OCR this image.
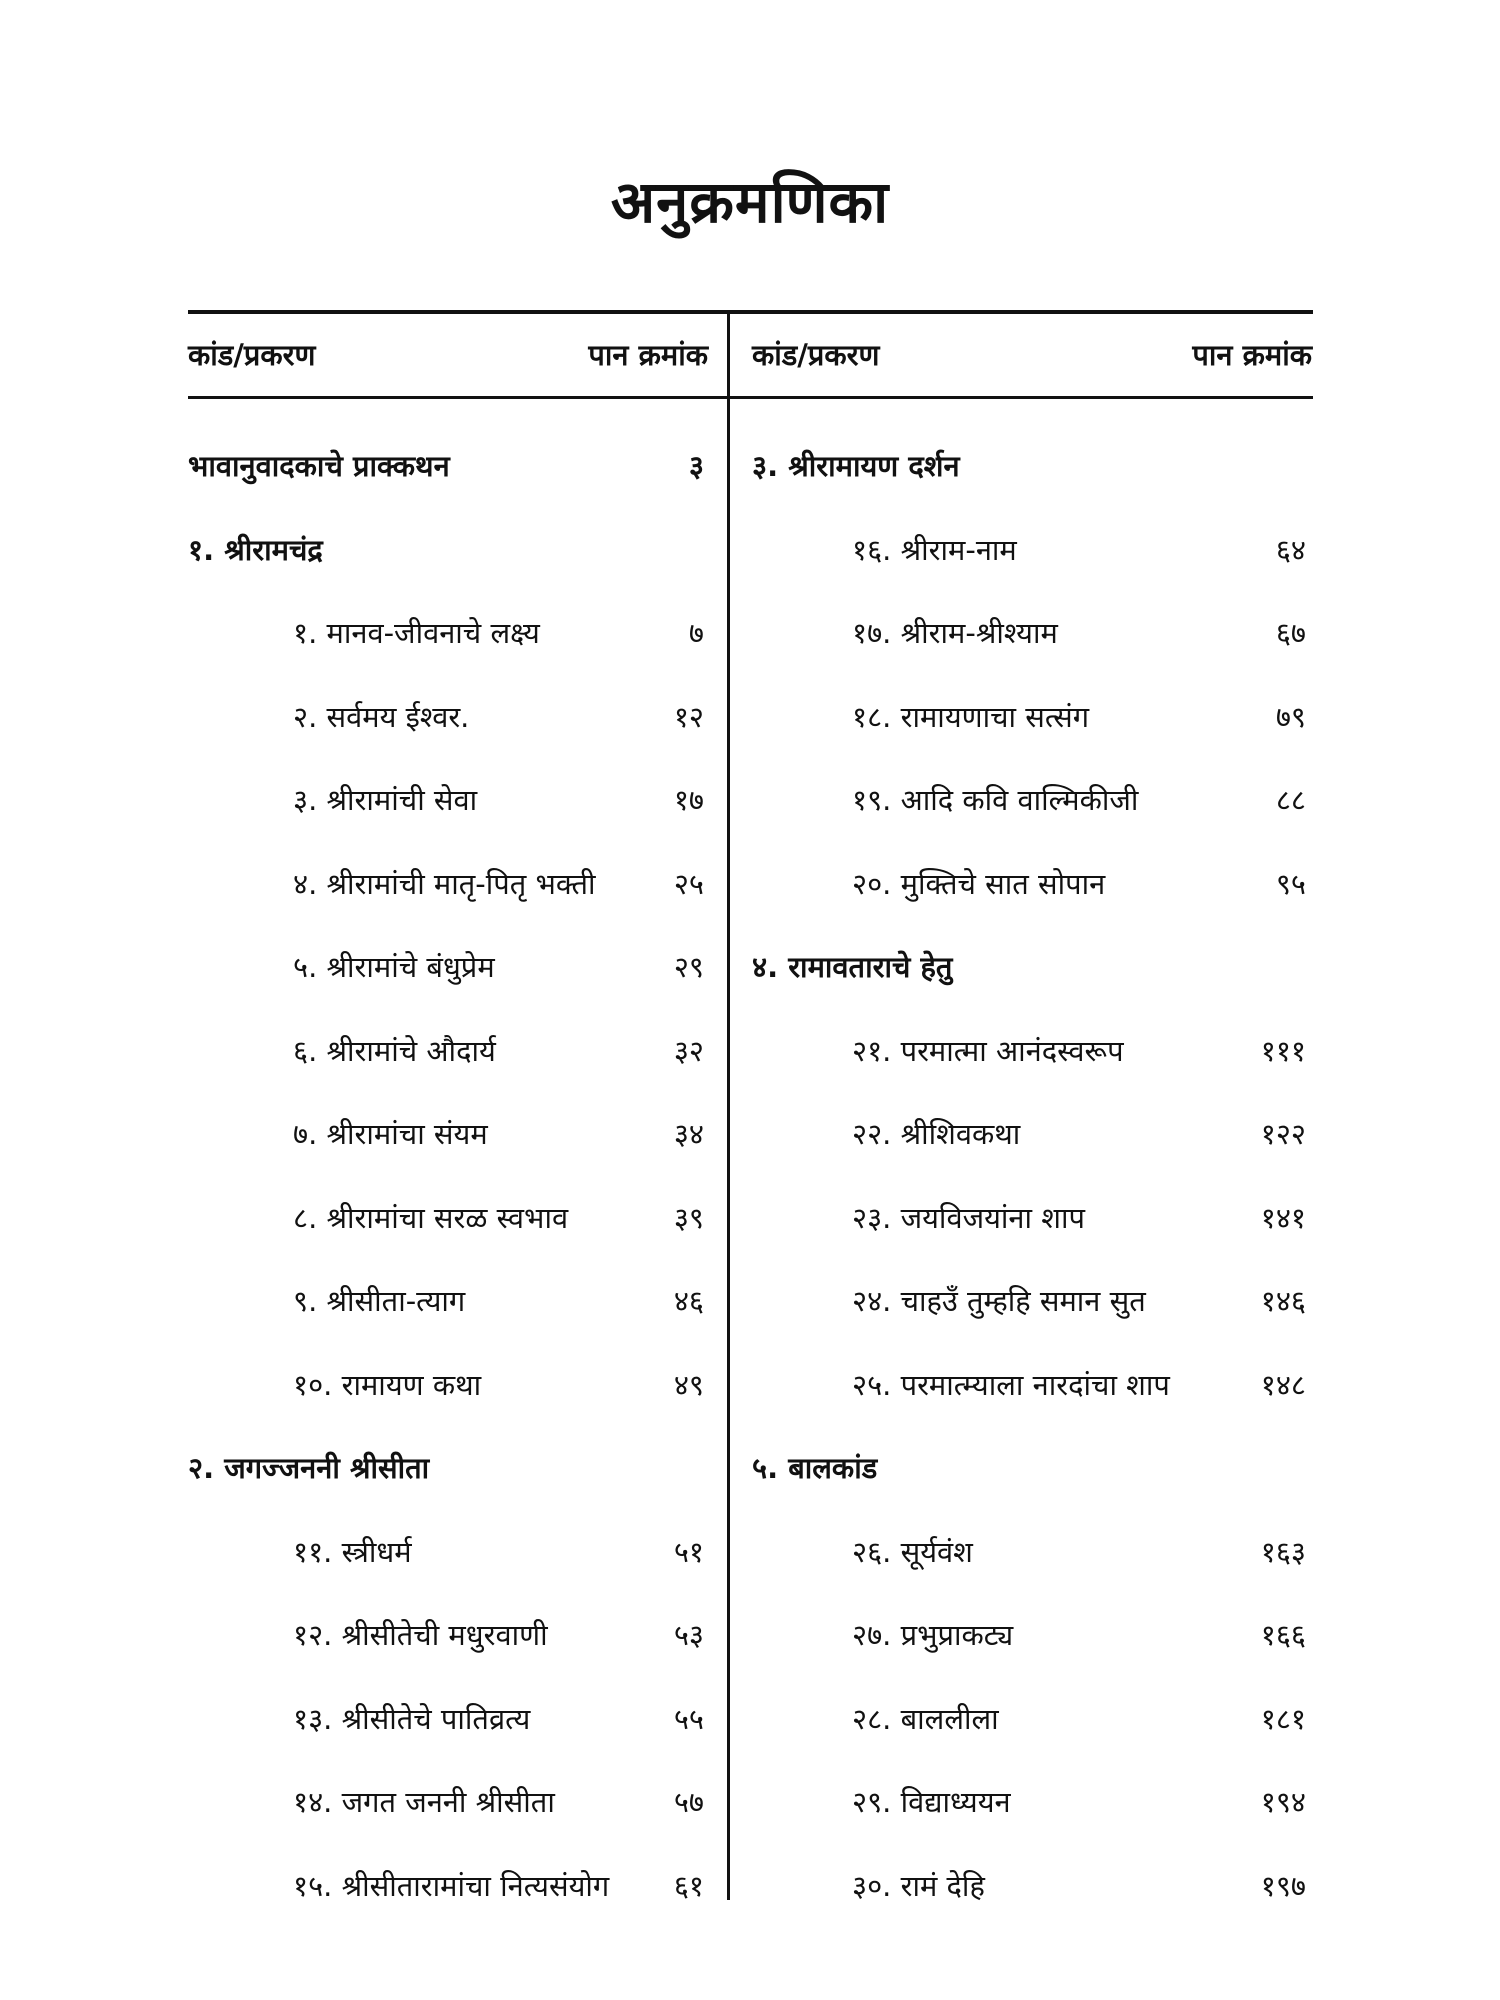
अनुक्रमणिका
कांड/प्रकरण	पान क्रमांक
भावानुवादकाचे प्राक्कथन	३
१. श्रीरामचंद्र
१. मानव-जीवनाचे लक्ष्य	७
२. सर्वमय ईश्वर.	१२
३. श्रीरामांची सेवा	१७
४. श्रीरामांची मातृ-पितृ भक्ती	२५
५. श्रीरामांचे बंधुप्रेम	२९
६. श्रीरामांचे औदार्य	३२
७. श्रीरामांचा संयम	३४
८. श्रीरामांचा सरळ स्वभाव	३९
९. श्रीसीता-त्याग	४६
१०. रामायण कथा	४९
२. जगज्जननी श्रीसीता
११. स्त्रीधर्म	५१
१२. श्रीसीतेची मधुरवाणी	५३
१३. श्रीसीतेचे पातिव्रत्य	५५
१४. जगत जननी श्रीसीता	५७
१५. श्रीसीतारामांचा नित्यसंयोग	६१
कांड/प्रकरण	पान क्रमांक
३. श्रीरामायण दर्शन
१६. श्रीराम-नाम	६४
१७. श्रीराम-श्रीश्याम	६७
१८. रामायणाचा सत्संग	७९
१९. आदि कवि वाल्मिकीजी	८८
२०. मुक्तिचे सात सोपान	९५
४. रामावताराचे हेतु
२१. परमात्मा आनंदस्वरूप	१११
२२. श्रीशिवकथा	१२२
२३. जयविजयांना शाप	१४१
२४. चाहउँ तुम्हहि समान सुत	१४६
२५. परमात्म्याला नारदांचा शाप	१४८
५. बालकांड
२६. सूर्यवंश	१६३
२७. प्रभुप्राकट्य	१६६
२८. बाललीला	१८१
२९. विद्याध्ययन	१९४
३०. रामं देहि	१९७
